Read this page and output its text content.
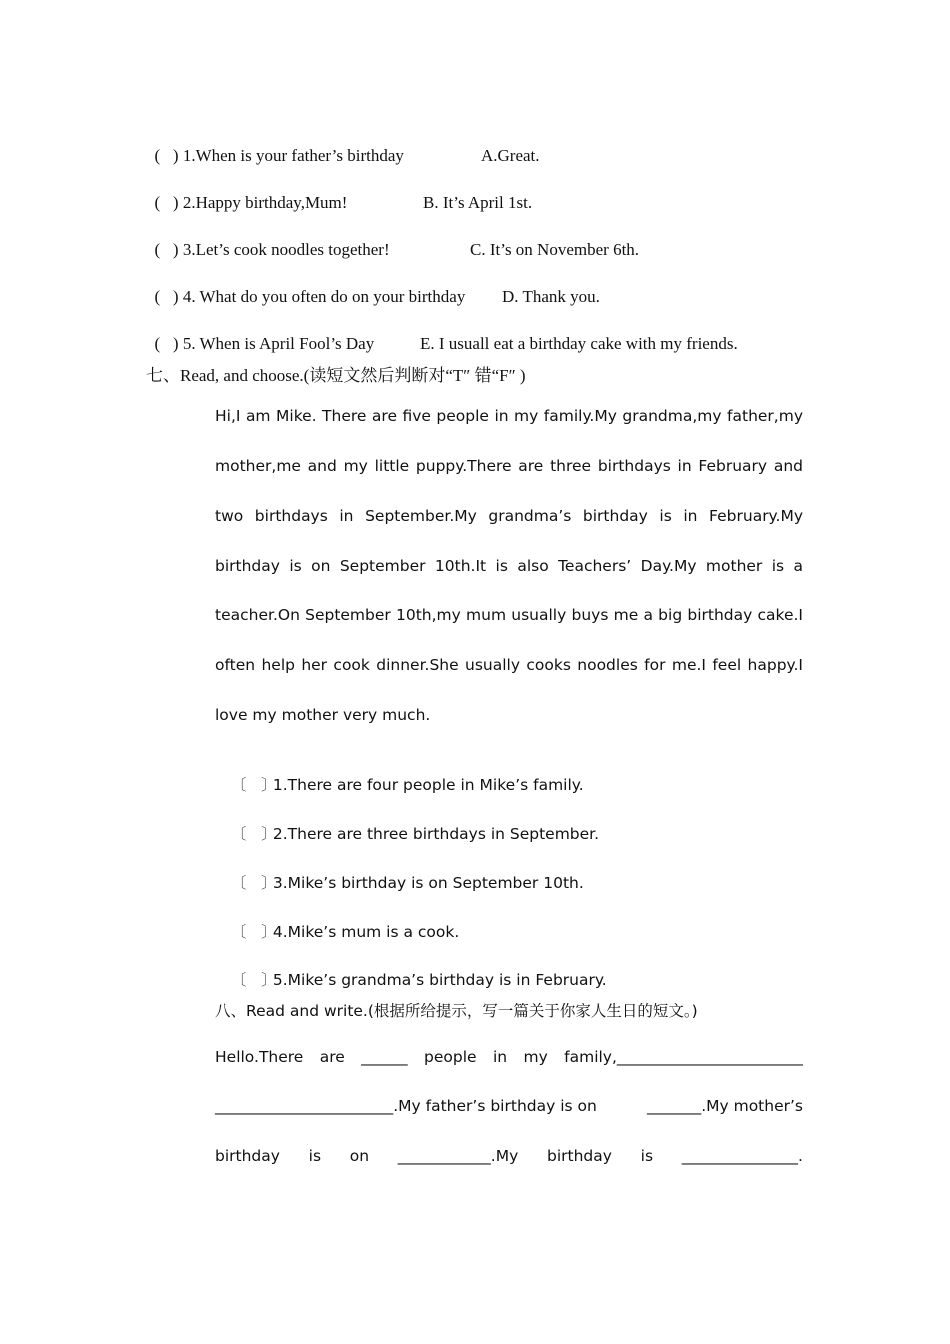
(   ) 1.When is your father’s birthday	A.Great.

(   ) 2.Happy birthday,Mum!	B. It’s April 1st.

(   ) 3.Let’s cook noodles together!	C. It’s on November 6th.

(   ) 4. What do you often do on your birthday D. Thank you.

(   ) 5. When is April Fool’s Day	E. I usuall eat a birthday cake with my friends.

七、Read, and choose.(读短文然后判断对“T″ 错“F″ )
Hi,I am Mike. There are five people in my family.My grandma,my father,my
mother,me and my little puppy.There are three birthdays in February and
two birthdays in September.My grandma’s birthday is in February.My
birthday is on September 10th.It is also Teachers’ Day.My mother is a
teacher.On September 10th,my mum usually buys me a big birthday cake.I
often help her cook dinner.She usually cooks noodles for me.I feel happy.I
love my mother very much.

〔   〕1.There are four people in Mike’s family.

〔   〕2.There are three birthdays in September.

〔   〕3.Mike’s birthday is on September 10th.

〔   〕4.Mike’s mum is a cook.

〔   〕5.Mike’s grandma’s birthday is in February.

八、Read and write.(根据所给提示，写一篇关于你家人生日的短文。)
Hello.There are ______ people in my family,________________________
_______________________.My father’s birthday is on	_______.My mother’s
birthday is on ____________.My birthday is _______________.
